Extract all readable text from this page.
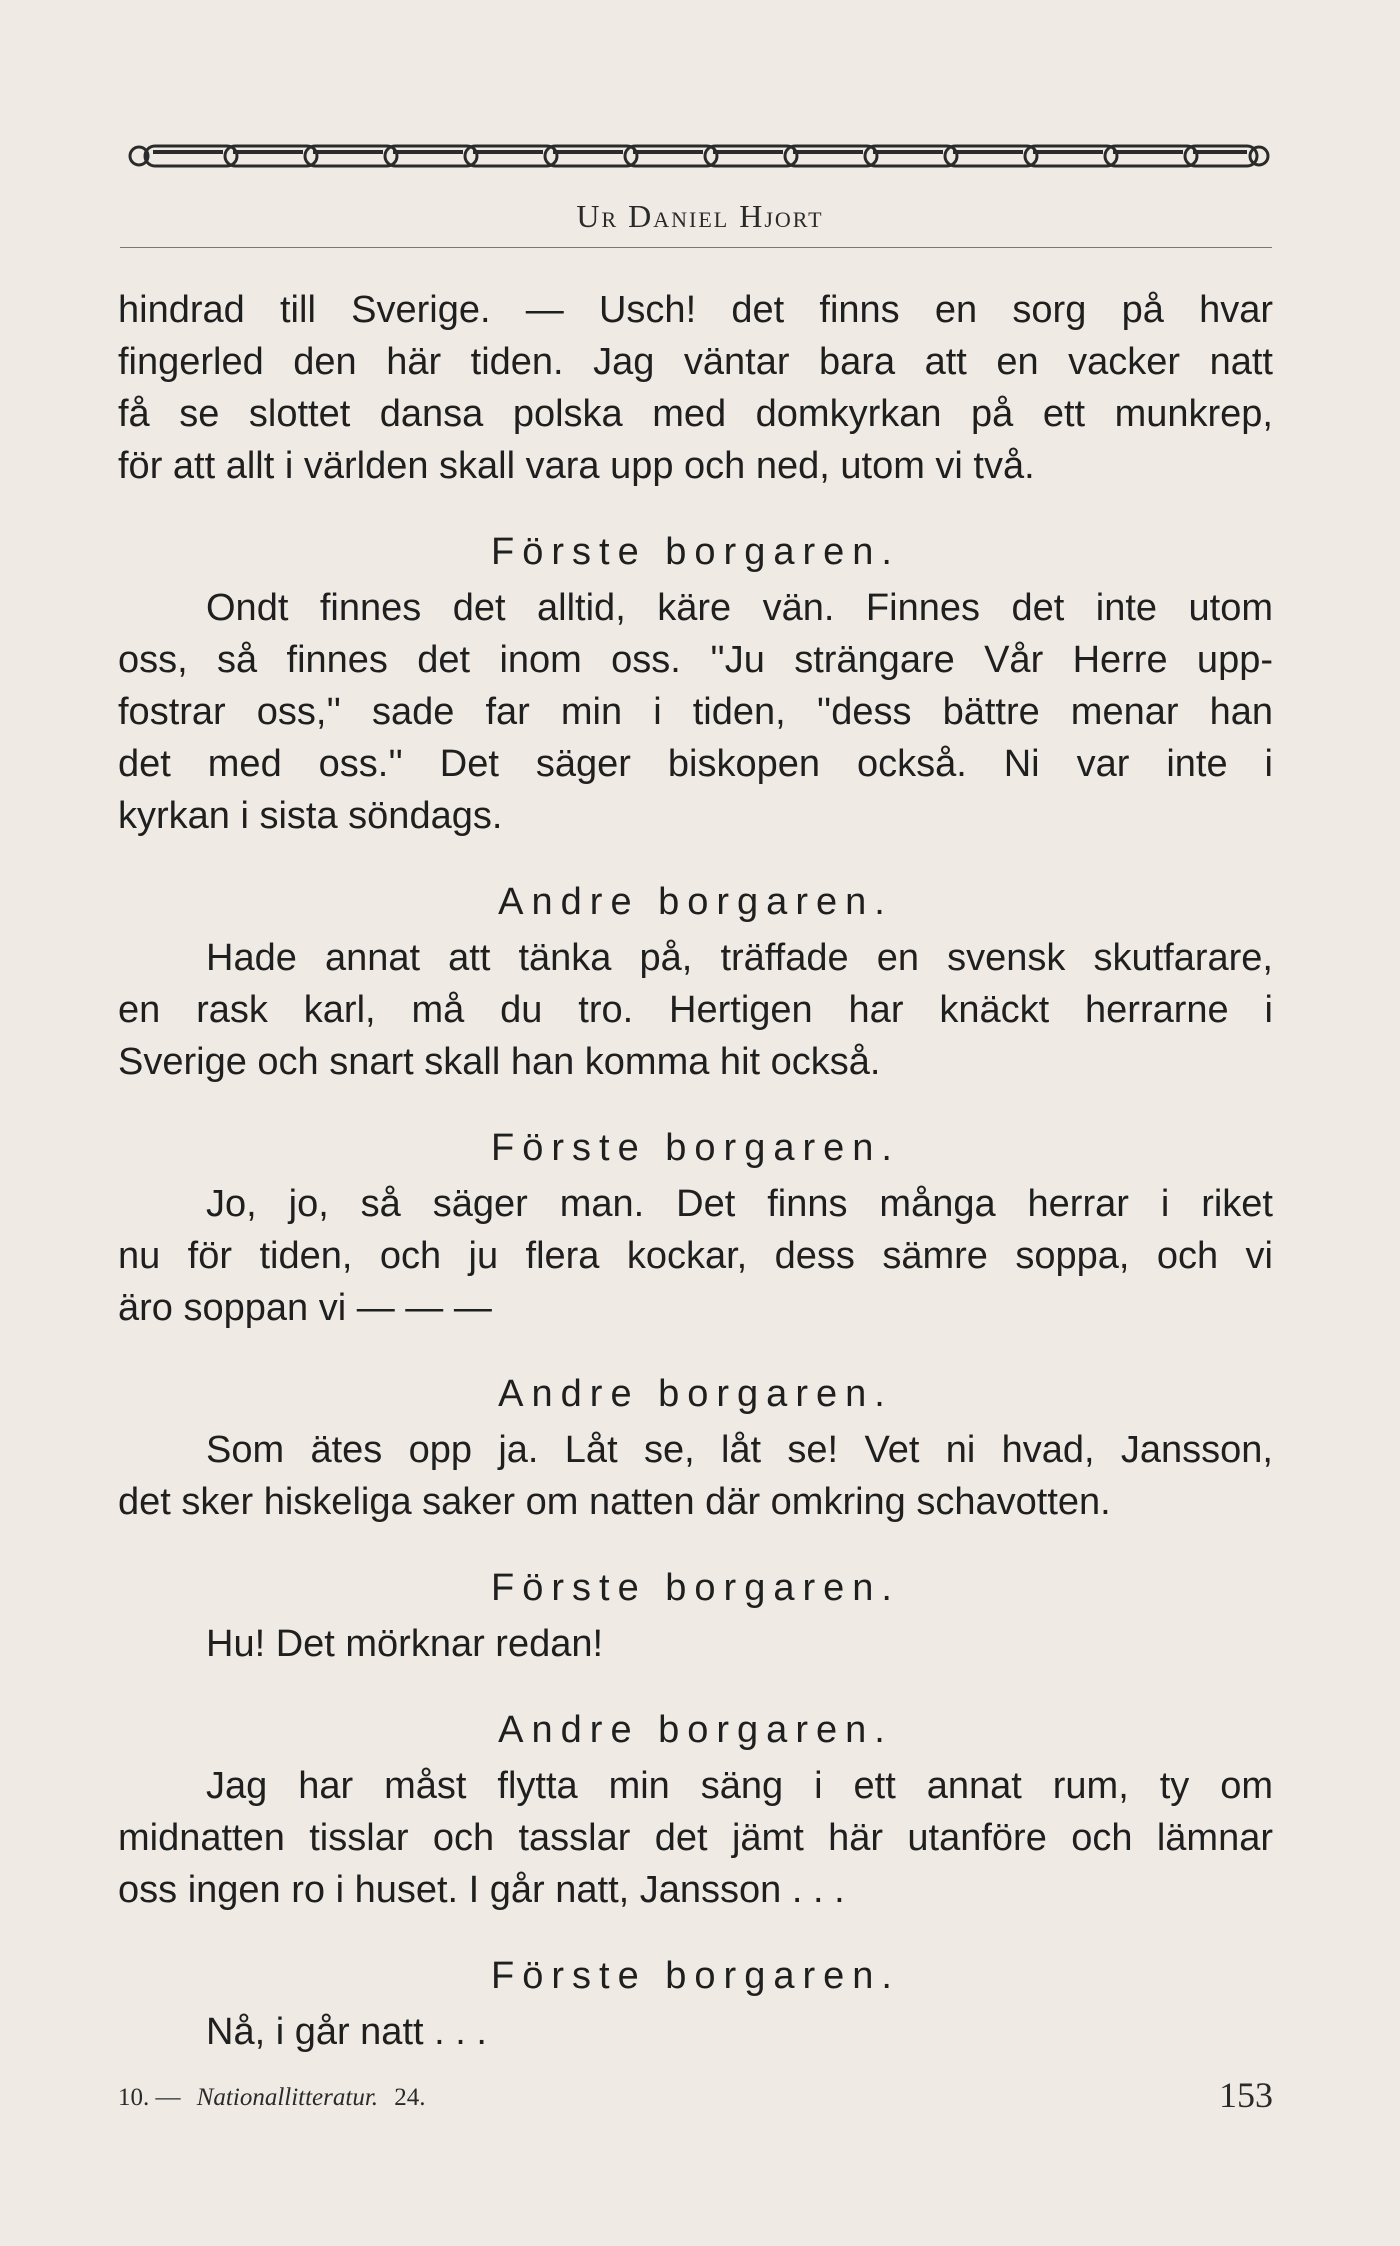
Ur Daniel Hjort
hindrad till Sverige. — Usch! det finns en sorg på hvar
fingerled den här tiden. Jag väntar bara att en vacker natt
få se slottet dansa polska med domkyrkan på ett munkrep,
för att allt i världen skall vara upp och ned, utom vi två.
Förste borgaren.
Ondt finnes det alltid, käre vän. Finnes det inte utom
oss, så finnes det inom oss. ''Ju strängare Vår Herre upp-
fostrar oss,'' sade far min i tiden, ''dess bättre menar han
det med oss.'' Det säger biskopen också. Ni var inte i
kyrkan i sista söndags.
Andre borgaren.
Hade annat att tänka på, träffade en svensk skutfarare,
en rask karl, må du tro. Hertigen har knäckt herrarne i
Sverige och snart skall han komma hit också.
Förste borgaren.
Jo, jo, så säger man. Det finns många herrar i riket
nu för tiden, och ju flera kockar, dess sämre soppa, och vi
äro soppan vi — — —
Andre borgaren.
Som ätes opp ja. Låt se, låt se! Vet ni hvad, Jansson,
det sker hiskeliga saker om natten där omkring schavotten.
Förste borgaren.
Hu! Det mörknar redan!
Andre borgaren.
Jag har måst flytta min säng i ett annat rum, ty om
midnatten tisslar och tasslar det jämt här utanföre och lämnar
oss ingen ro i huset. I går natt, Jansson . . .
Förste borgaren.
Nå, i går natt . . .
10. — Nationallitteratur. 24.	153
